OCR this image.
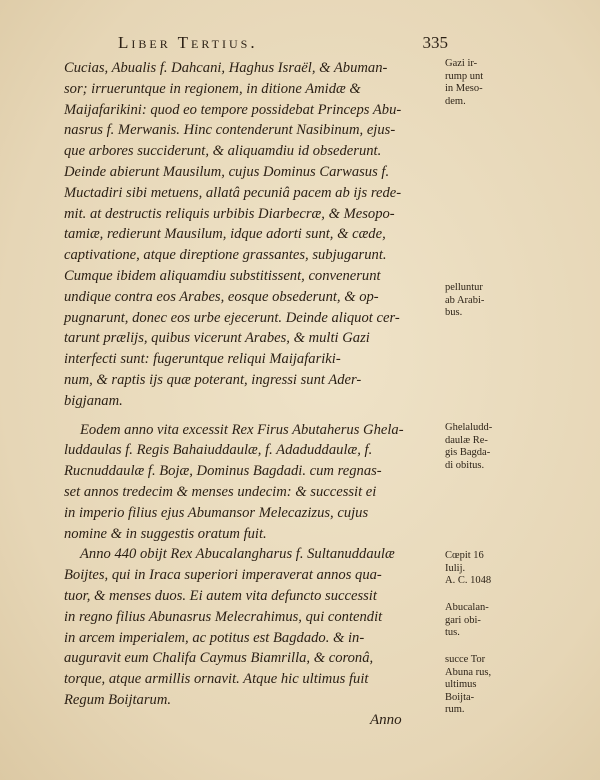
Liber Tertius.	335
Cucias, Abualis f. Dahcani, Haghus Israël, & Abuman-
sor; irrueruntque in regionem, in ditione Amidæ &
Maijafarikini: quod eo tempore possidebat Princeps Abu-
nasrus f. Merwanis. Hinc contenderunt Nasibinum, ejus-
que arbores succiderunt, & aliquamdiu id obsederunt.
Deinde abierunt Mausilum, cujus Dominus Carwasus f.
Muctadiri sibi metuens, allatâ pecuniâ pacem ab ijs rede-
mit. at destructis reliquis urbibis Diarbecræ, & Mesopo-
tamiæ, redierunt Mausilum, idque adorti sunt, & cæde,
captivatione, atque direptione grassantes, subjugarunt.
Cumque ibidem aliquamdiu substitissent, convenerunt
undique contra eos Arabes, eosque obsederunt, & op-
pugnarunt, donec eos urbe ejecerunt. Deinde aliquot cer-
tarunt prælijs, quibus vicerunt Arabes, & multi Gazi
interfecti sunt: fugeruntque reliqui Maijafariki-
num, & raptis ijs quæ poterant, ingressi sunt Ader-
bigjanam.
Eodem anno vita excessit Rex Firus Abutaherus Ghela-
luddaulas f. Regis Bahaiuddaulæ, f. Adaduddaulæ, f.
Rucnuddaulæ f. Bojæ, Dominus Bagdadi. cum regnas-
set annos tredecim & menses undecim: & successit ei
in imperio filius ejus Abumansor Melecazizus, cujus
nomine & in suggestis oratum fuit.
Anno 440 obijt Rex Abucalangharus f. Sultanuddaulæ
Boijtes, qui in Iraca superiori imperaverat annos qua-
tuor, & menses duos. Ei autem vita defuncto successit
in regno filius Abunasrus Melecrahimus, qui contendit
in arcem imperialem, ac potitus est Bagdado. & in-
auguravit eum Chalifa Caymus Biamrilla, & coronâ,
torque, atque armillis ornavit. Atque hic ultimus fuit
Regum Boijtarum.
Gazi ir-
rump unt
in Meso-
dem.
pelluntur
ab Arabi-
bus.
Ghelaludd-
daulæ Re-
gis Bagda-
di obitus.
Cœpit 16
Iulij.
A. C. 1048
Abucalan-
gari obi-
tus.
succe Tor
Abuna rus,
ultimus
Boijta-
rum.
Anno
